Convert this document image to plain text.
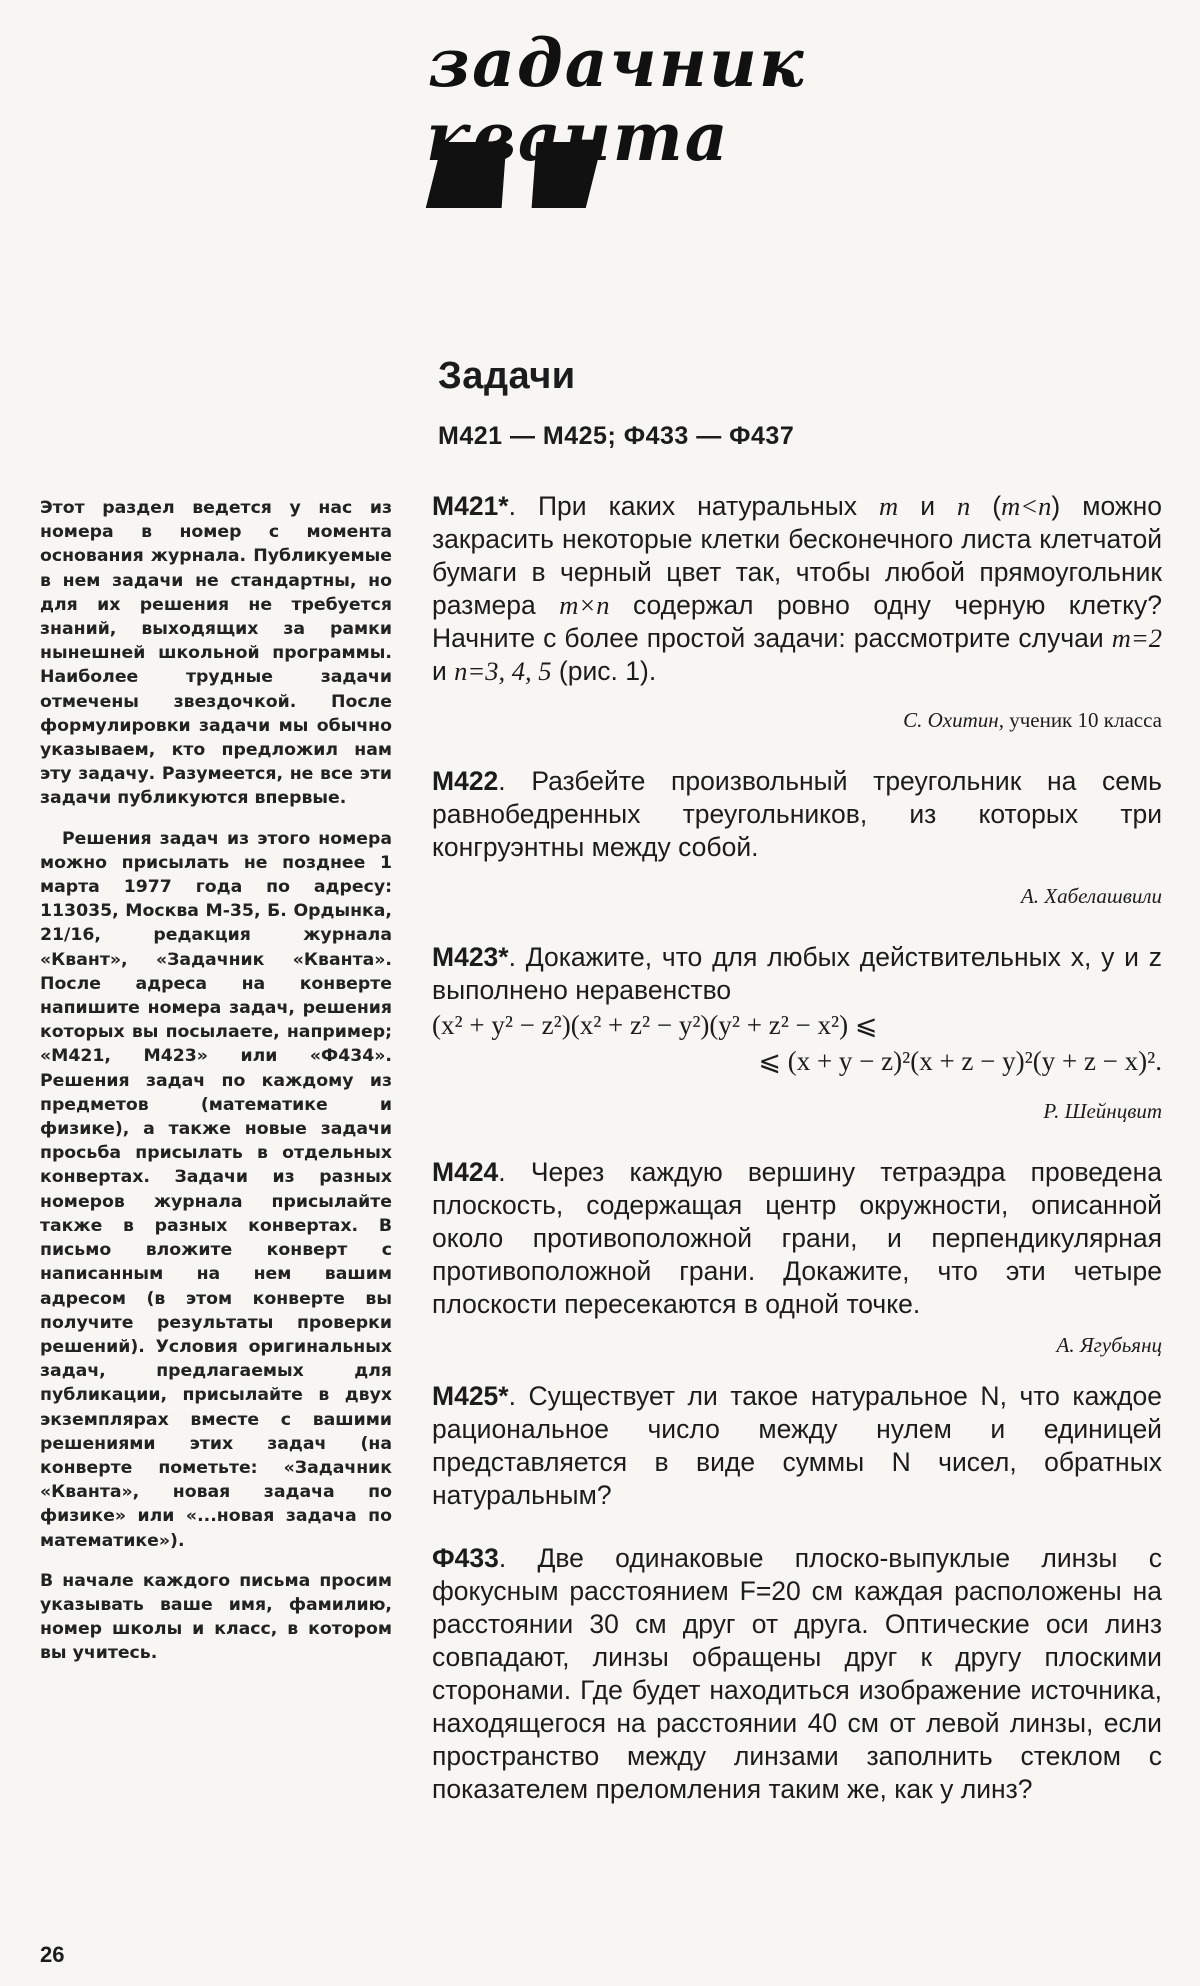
задачник
кванта
Задачи
М421 — М425; Ф433 — Ф437

Этот раздел ведется у нас из номера в номер с момента основания журнала. Публикуемые в нем задачи не стандартны, но для их решения не требуется знаний, выходящих за рамки нынешней школьной программы. Наиболее трудные задачи отмечены звездочкой. После формулировки задачи мы обычно указываем, кто предложил нам эту задачу. Разумеется, не все эти задачи публикуются впервые.

Решения задач из этого номера можно присылать не позднее 1 марта 1977 года по адресу: 113035, Москва М-35, Б. Ордынка, 21/16, редакция журнала «Квант», «Задачник «Кванта». После адреса на конверте напишите номера задач, решения которых вы посылаете, например; «М421, М423» или «Ф434». Решения задач по каждому из предметов (математике и физике), а также новые задачи просьба присылать в отдельных конвертах. Задачи из разных номеров журнала присылайте также в разных конвертах. В письмо вложите конверт с написанным на нем вашим адресом (в этом конверте вы получите результаты проверки решений). Условия оригинальных задач, предлагаемых для публикации, присылайте в двух экземплярах вместе с вашими решениями этих задач (на конверте пометьте: «Задачник «Кванта», новая задача по физике» или «...новая задача по математике»).

В начале каждого письма просим указывать ваше имя, фамилию, номер школы и класс, в котором вы учитесь.

М421*. При каких натуральных m и n (m<n) можно закрасить некоторые клетки бесконечного листа клетчатой бумаги в черный цвет так, чтобы любой прямоугольник размера m×n содержал ровно одну черную клетку? Начните с более простой задачи: рассмотрите случаи m=2 и n=3, 4, 5 (рис. 1).

С. Охитин, ученик 10 класса

М422. Разбейте произвольный треугольник на семь равнобедренных треугольников, из которых три конгруэнтны между собой.

А. Хабелашвили

М423*. Докажите, что для любых действительных x, y и z выполнено неравенство

(x² + y² − z²)(x² + z² − y²)(y² + z² − x²) ⩽
⩽ (x + y − z)²(x + z − y)²(y + z − x)².
Р. Шейнцвит

М424. Через каждую вершину тетраэдра проведена плоскость, содержащая центр окружности, описанной около противоположной грани, и перпендикулярная противоположной грани. Докажите, что эти четыре плоскости пересекаются в одной точке.

А. Ягубьянц

М425*. Существует ли такое натуральное N, что каждое рациональное число между нулем и единицей представляется в виде суммы N чисел, обратных натуральным?

Ф433. Две одинаковые плоско-выпуклые линзы с фокусным расстоянием F=20 см каждая расположены на расстоянии 30 см друг от друга. Оптические оси линз совпадают, линзы обращены друг к другу плоскими сторонами. Где будет находиться изображение источника, находящегося на расстоянии 40 см от левой линзы, если пространство между линзами заполнить стеклом с показателем преломления таким же, как у линз?

26
